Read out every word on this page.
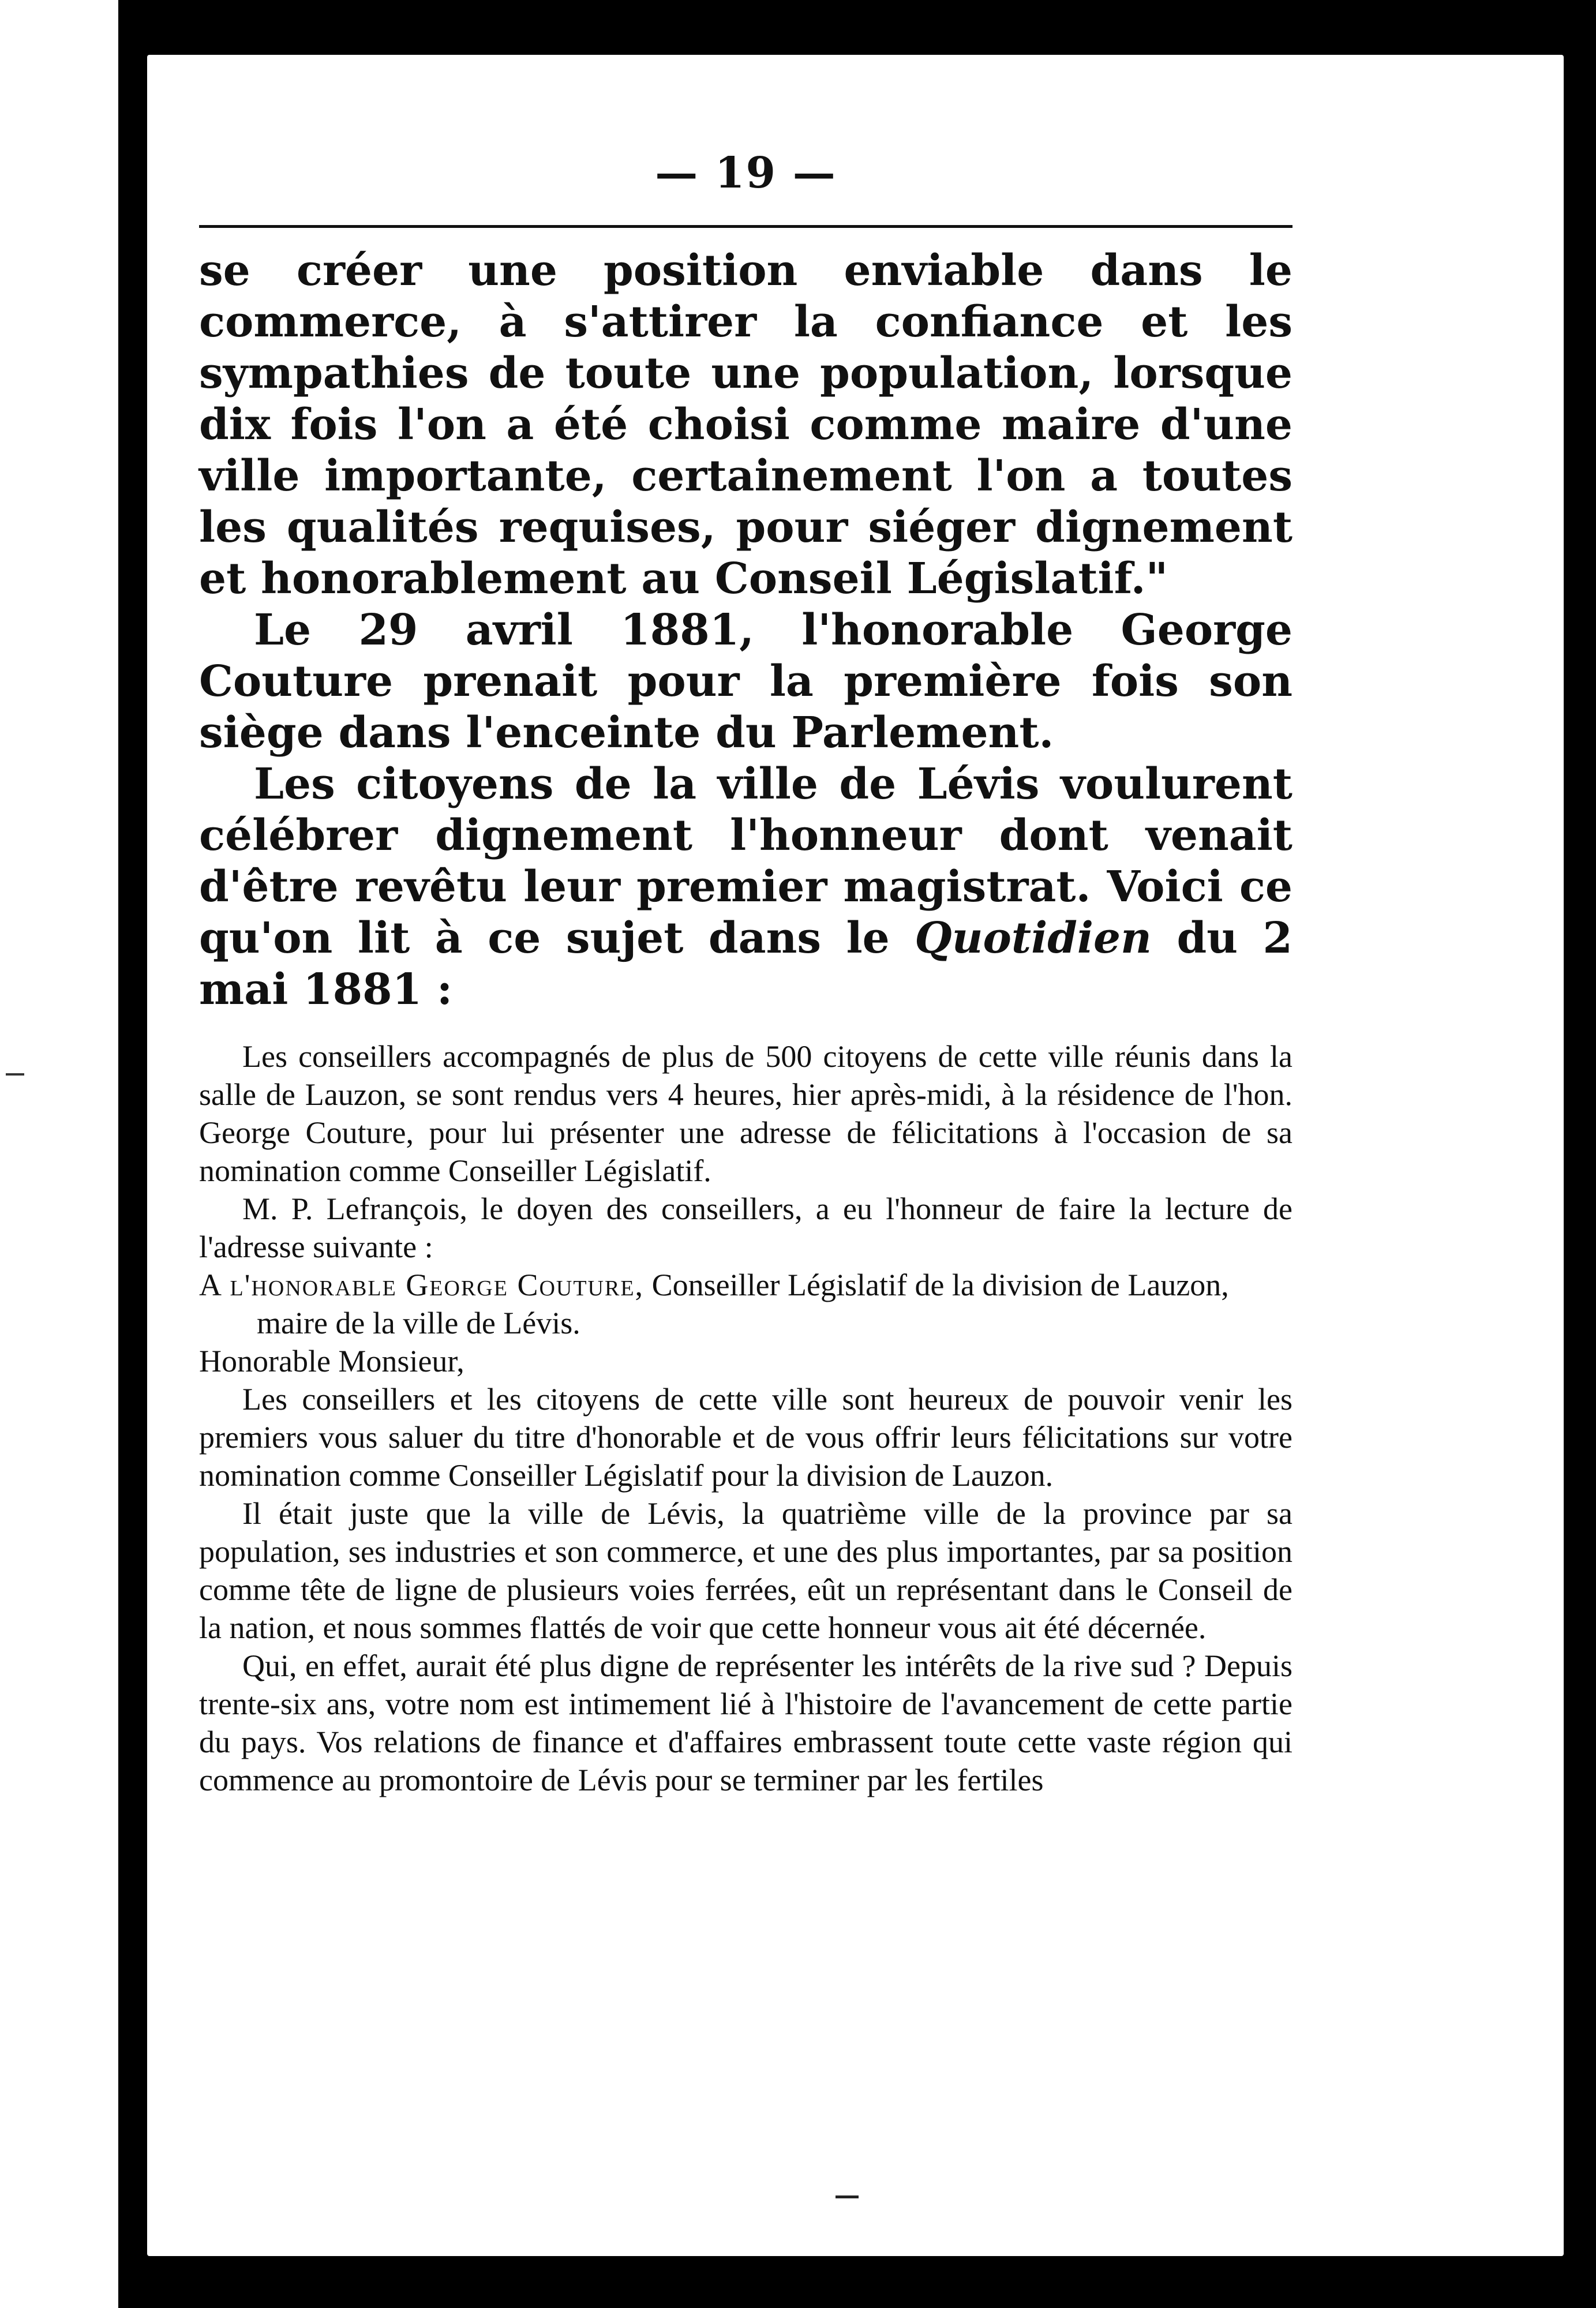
— 19 —

se créer une position enviable dans le commerce, à s'attirer la confiance et les sympathies de toute une population, lorsque dix fois l'on a été choisi comme maire d'une ville importante, certainement l'on a toutes les qualités requises, pour siéger dignement et honorablement au Conseil Législatif."

Le 29 avril 1881, l'honorable George Couture prenait pour la première fois son siège dans l'enceinte du Parlement.

Les citoyens de la ville de Lévis voulurent célébrer dignement l'honneur dont venait d'être revêtu leur premier magistrat. Voici ce qu'on lit à ce sujet dans le Quotidien du 2 mai 1881 :

Les conseillers accompagnés de plus de 500 citoyens de cette ville réunis dans la salle de Lauzon, se sont rendus vers 4 heures, hier après-midi, à la résidence de l'hon. George Couture, pour lui présenter une adresse de félicitations à l'occasion de sa nomination comme Conseiller Législatif.

M. P. Lefrançois, le doyen des conseillers, a eu l'honneur de faire la lecture de l'adresse suivante :

A l'honorable George Couture, Conseiller Législatif de la division de Lauzon, maire de la ville de Lévis.

Honorable Monsieur,

Les conseillers et les citoyens de cette ville sont heureux de pouvoir venir les premiers vous saluer du titre d'honorable et de vous offrir leurs félicitations sur votre nomination comme Conseiller Législatif pour la division de Lauzon.

Il était juste que la ville de Lévis, la quatrième ville de la province par sa population, ses industries et son commerce, et une des plus importantes, par sa position comme tête de ligne de plusieurs voies ferrées, eût un représentant dans le Conseil de la nation, et nous sommes flattés de voir que cette honneur vous ait été décernée.

Qui, en effet, aurait été plus digne de représenter les intérêts de la rive sud ? Depuis trente-six ans, votre nom est intimement lié à l'histoire de l'avancement de cette partie du pays. Vos relations de finance et d'affaires embrassent toute cette vaste région qui commence au promontoire de Lévis pour se terminer par les fertiles
